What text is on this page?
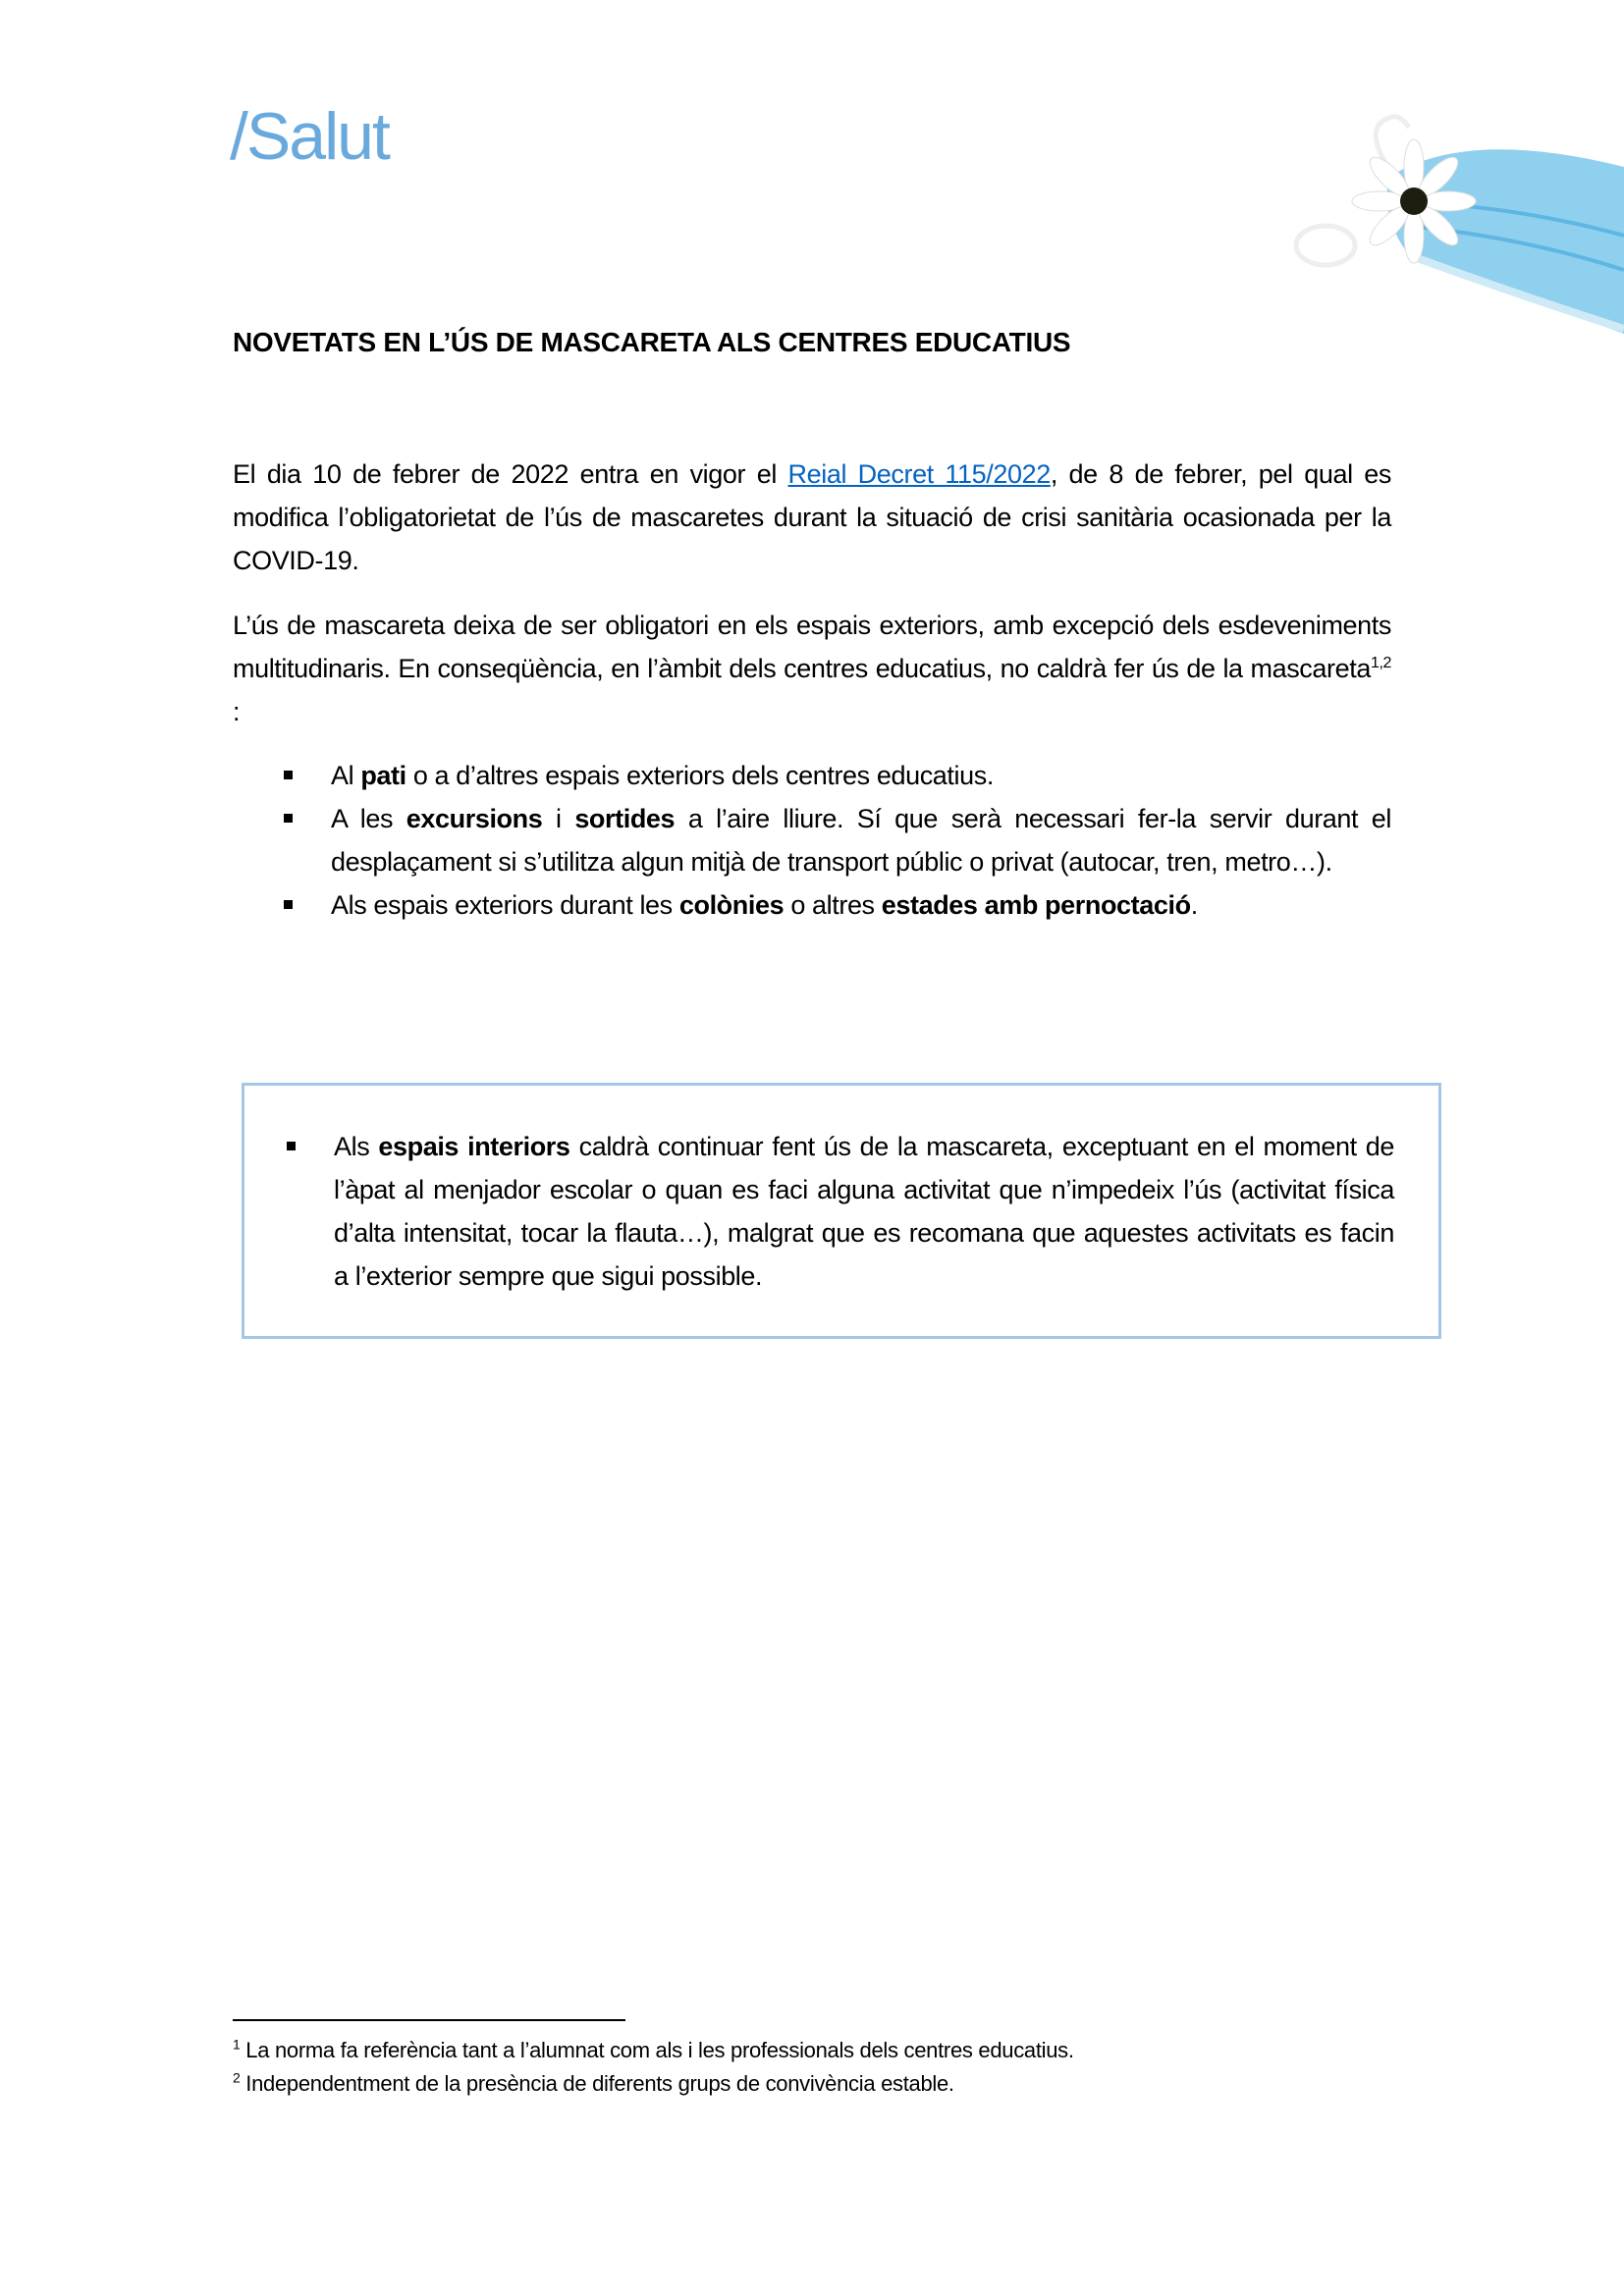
/Salut
NOVETATS EN L’ÚS DE MASCARETA ALS CENTRES EDUCATIUS
El dia 10 de febrer de 2022 entra en vigor el Reial Decret 115/2022, de 8 de febrer, pel qual es modifica l’obligatorietat de l’ús de mascaretes durant la situació de crisi sanitària ocasionada per la COVID-19.
L’ús de mascareta deixa de ser obligatori en els espais exteriors, amb excepció dels esdeveniments multitudinaris. En conseqüència, en l’àmbit dels centres educatius, no caldrà fer ús de la mascareta$^{1,2}$ :
Al pati o a d’altres espais exteriors dels centres educatius.
A les excursions i sortides a l’aire lliure. Sí que serà necessari fer-la servir durant el desplaçament si s’utilitza algun mitjà de transport públic o privat (autocar, tren, metro…).
Als espais exteriors durant les colònies o altres estades amb pernoctació.
Als espais interiors caldrà continuar fent ús de la mascareta, exceptuant en el moment de l’àpat al menjador escolar o quan es faci alguna activitat que n’impedeix l’ús (activitat física d’alta intensitat, tocar la flauta…), malgrat que es recomana que aquestes activitats es facin a l’exterior sempre que sigui possible.
$^1$ La norma fa referència tant a l’alumnat com als i les professionals dels centres educatius.
$^2$ Independentment de la presència de diferents grups de convivència estable.
